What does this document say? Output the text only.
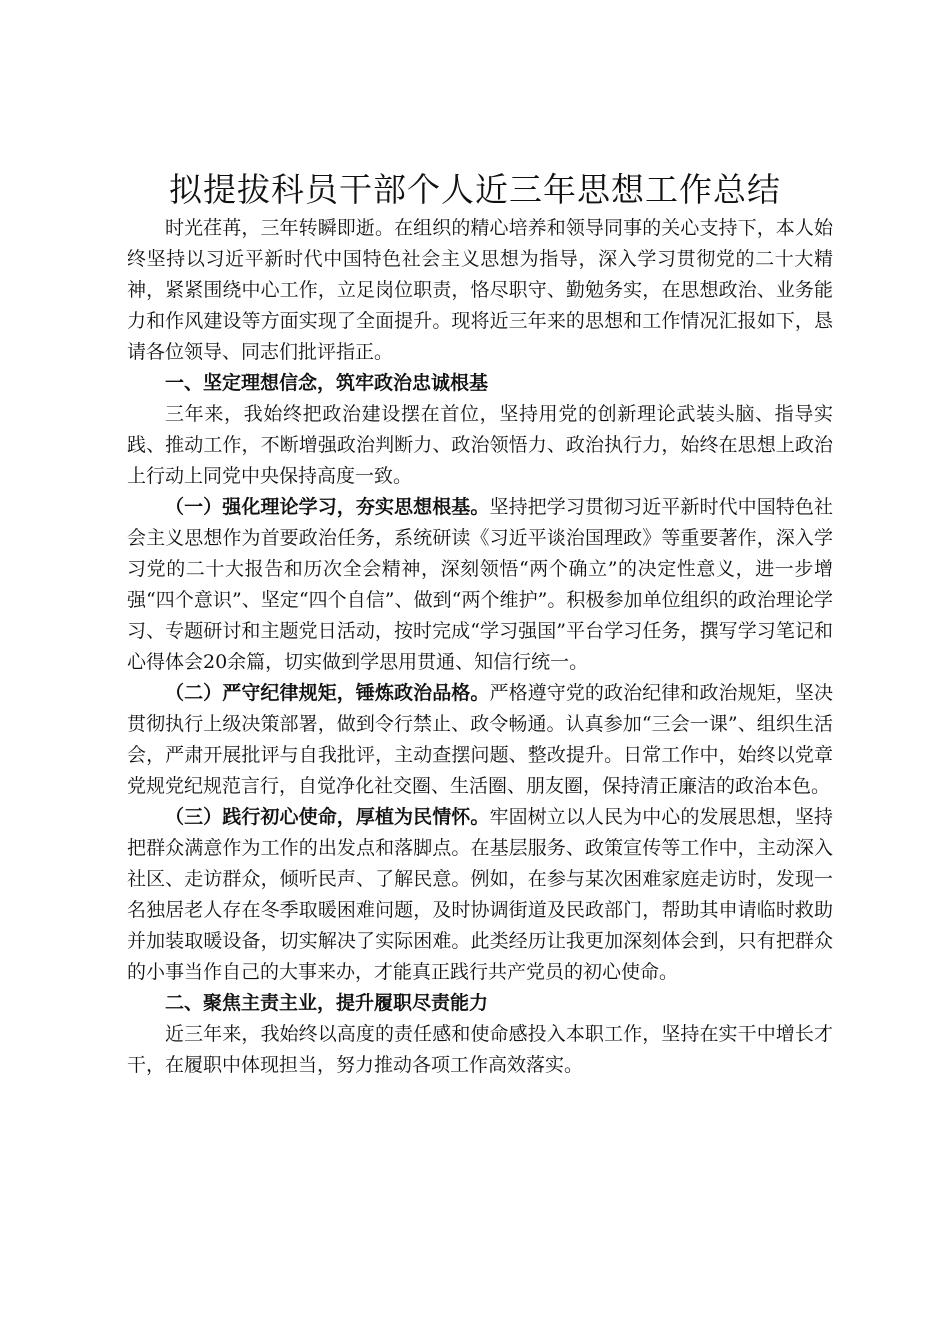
拟提拔科员干部个人近三年思想工作总结

时光荏苒，三年转瞬即逝。在组织的精心培养和领导同事的关心支持下，本人始终坚持以习近平新时代中国特色社会主义思想为指导，深入学习贯彻党的二十大精神，紧紧围绕中心工作，立足岗位职责，恪尽职守、勤勉务实，在思想政治、业务能力和作风建设等方面实现了全面提升。现将近三年来的思想和工作情况汇报如下，恳请各位领导、同志们批评指正。

一、坚定理想信念，筑牢政治忠诚根基

三年来，我始终把政治建设摆在首位，坚持用党的创新理论武装头脑、指导实践、推动工作，不断增强政治判断力、政治领悟力、政治执行力，始终在思想上政治上行动上同党中央保持高度一致。

（一）强化理论学习，夯实思想根基。坚持把学习贯彻习近平新时代中国特色社会主义思想作为首要政治任务，系统研读《习近平谈治国理政》等重要著作，深入学习党的二十大报告和历次全会精神，深刻领悟“两个确立”的决定性意义，进一步增强“四个意识”、坚定“四个自信”、做到“两个维护”。积极参加单位组织的政治理论学习、专题研讨和主题党日活动，按时完成“学习强国”平台学习任务，撰写学习笔记和心得体会20余篇，切实做到学思用贯通、知信行统一。

（二）严守纪律规矩，锤炼政治品格。严格遵守党的政治纪律和政治规矩，坚决贯彻执行上级决策部署，做到令行禁止、政令畅通。认真参加“三会一课”、组织生活会，严肃开展批评与自我批评，主动查摆问题、整改提升。日常工作中，始终以党章党规党纪规范言行，自觉净化社交圈、生活圈、朋友圈，保持清正廉洁的政治本色。

（三）践行初心使命，厚植为民情怀。牢固树立以人民为中心的发展思想，坚持把群众满意作为工作的出发点和落脚点。在基层服务、政策宣传等工作中，主动深入社区、走访群众，倾听民声、了解民意。例如，在参与某次困难家庭走访时，发现一名独居老人存在冬季取暖困难问题，及时协调街道及民政部门，帮助其申请临时救助并加装取暖设备，切实解决了实际困难。此类经历让我更加深刻体会到，只有把群众的小事当作自己的大事来办，才能真正践行共产党员的初心使命。

二、聚焦主责主业，提升履职尽责能力

近三年来，我始终以高度的责任感和使命感投入本职工作，坚持在实干中增长才干，在履职中体现担当，努力推动各项工作高效落实。
